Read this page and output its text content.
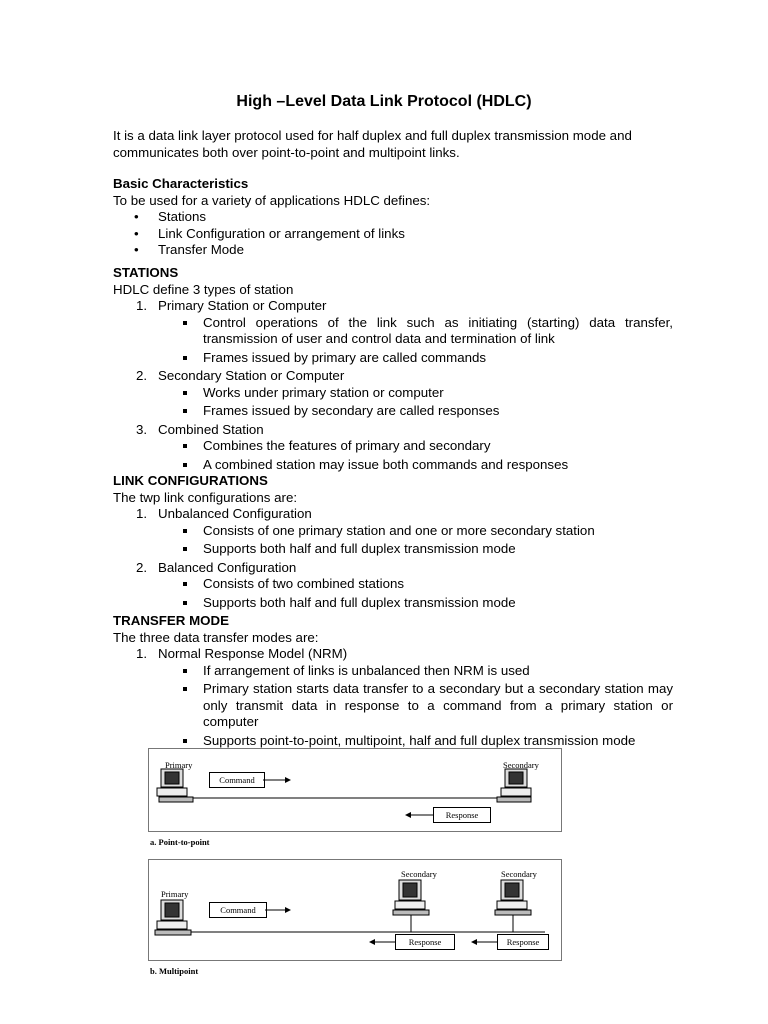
High –Level Data Link Protocol (HDLC)
It is a data link layer protocol used for half duplex and full duplex transmission mode and communicates both over point-to-point and multipoint links.
Basic Characteristics
To be used for a variety of applications HDLC defines:
• Stations
• Link Configuration or arrangement of links
• Transfer Mode
STATIONS
HDLC define 3 types of station
1. Primary Station or Computer
Control operations of the link such as initiating (starting) data transfer, transmission of user and control data and termination of link
Frames issued by primary are called commands
2. Secondary Station or Computer
Works under primary station or computer
Frames issued by secondary are called responses
3. Combined Station
Combines the features of primary and secondary
A combined station may issue both commands and responses
LINK CONFIGURATIONS
The twp link configurations are:
1. Unbalanced Configuration
Consists of one primary station and one or more secondary station
Supports both half and full duplex transmission mode
2. Balanced Configuration
Consists of two combined stations
Supports both half and full duplex transmission mode
TRANSFER MODE
The three data transfer modes are:
1. Normal Response Model (NRM)
If arrangement of links is unbalanced then NRM is used
Primary station starts data transfer to a secondary but a secondary station may only transmit data in response to a command from a primary station or computer
Supports point-to-point, multipoint, half and full duplex transmission mode
Primary	Secondary
Command
Response
a. Point-to-point
Primary
Secondary	Secondary
Command
Response	Response
b. Multipoint
